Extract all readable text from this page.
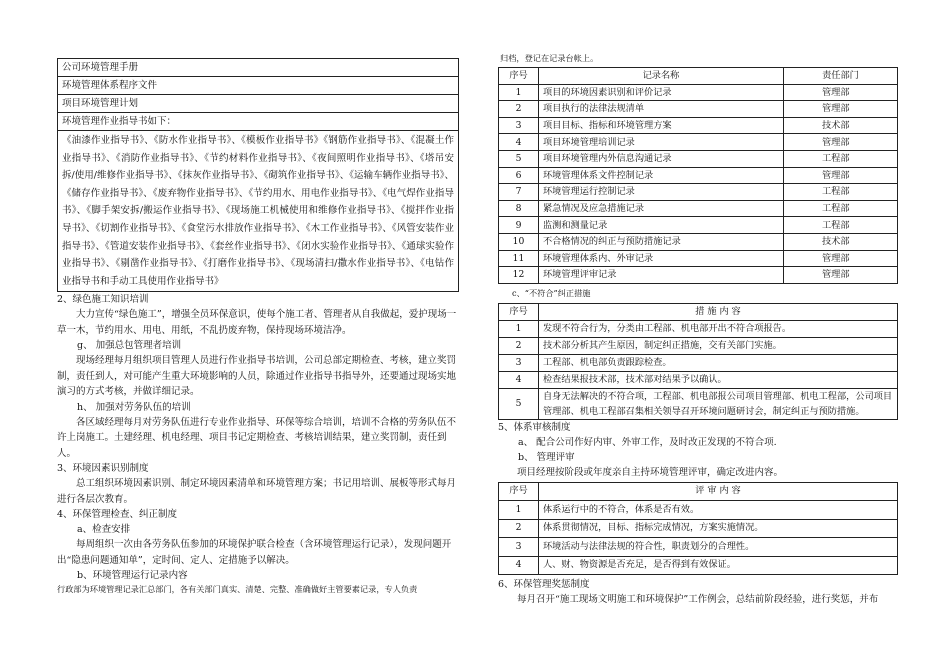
公司环境管理手册
环境管理体系程序文件
项目环境管理计划
环境管理作业指导书如下：
《油漆作业指导书》、《防水作业指导书》、《模板作业指导书》《钢筋作业指导书》、《混凝土作业指导书》、《消防作业指导书》、《节约材料作业指导书》、《夜间照明作业指导书》、《塔吊安拆/使用/维修作业指导书》、《抹灰作业指导书》、《砌筑作业指导书》、《运输车辆作业指导书》、《储存作业指导书》、《废弃物作业指导书》、《节约用水、用电作业指导书》、《电气焊作业指导书》、《脚手架安拆/搬运作业指导书》、《现场施工机械使用和维修作业指导书》、《搅拌作业指导书》、《切割作业指导书》、《食堂污水排放作业指导书》、《木工作业指导书》、《风管安装作业指导书》、《管道安装作业指导书》、《套丝作业指导书》、《闭水实验作业指导书》、《通球实验作业指导书》、《剔凿作业指导书》、《打磨作业指导书》、《现场清扫/撒水作业指导书》、《电钻作业指导书和手动工具使用作业指导书》

2、绿色施工知识培训

大力宣传“绿色施工”，增强全员环保意识，使每个施工者、管理者从自我做起，爱护现场一草一木，节约用水、用电、用纸，不乱扔废弃物，保持现场环境洁净。

g、 加强总包管理者培训

现场经理每月组织项目管理人员进行作业指导书培训，公司总部定期检查、考核，建立奖罚制，责任到人，对可能产生重大环境影响的人员，除通过作业指导书指导外，还要通过现场实地演习的方式考核，并做详细记录。

h、 加强对劳务队伍的培训

各区域经理每月对劳务队伍进行专业作业指导、环保等综合培训，培训不合格的劳务队伍不许上岗施工。土建经理、机电经理、项目书记定期检查、考核培训结果，建立奖罚制，责任到人。

3、环境因素识别制度

总工组织环境因素识别、制定环境因素清单和环境管理方案；书记用培训、展板等形式每月进行各层次教育。

4、环保管理检查、纠正制度

a、检查安排

每周组织一次由各劳务队伍参加的环境保护联合检查（含环境管理运行记录），发现问题开出“隐患问题通知单”，定时间、定人、定措施予以解决。

b、环境管理运行记录内容

行政部为环境管理记录汇总部门，各有关部门真实、清楚、完整、准确做好主管要素记录，专人负责

归档，登记在记录台帐上。

序号	记录名称	责任部门
1	项目的环境因素识别和评价记录	管理部
2	项目执行的法律法规清单	管理部
3	项目目标、指标和环境管理方案	技术部
4	项目环境管理培训记录	管理部
5	项目环境管理内外信息沟通记录	工程部
6	环境管理体系文件控制记录	管理部
7	环境管理运行控制记录	工程部
8	紧急情况及应急措施记录	工程部
9	监测和测量记录	工程部
10	不合格情况的纠正与预防措施记录	技术部
11	环境管理体系内、外审记录	管理部
12	环境管理评审记录	管理部

c、“不符合”纠正措施

序号	措 施 内 容
1	发现不符合行为，分类由工程部、机电部开出不符合项报告。
2	技术部分析其产生原因，制定纠正措施，交有关部门实施。
3	工程部、机电部负责跟踪检查。
4	检查结果报技术部，技术部对结果予以确认。
5	自身无法解决的不符合项，工程部、机电部报公司项目管理部、机电工程部，公司项目管理部、机电工程部召集相关领导召开环境问题研讨会，制定纠正与预防措施。

5、体系审核制度

a、 配合公司作好内审、外审工作，及时改正发现的不符合项.

b、 管理评审

项目经理按阶段或年度亲自主持环境管理评审，确定改进内容。

序号	评 审 内 容
1	体系运行中的不符合，体系是否有效。
2	体系贯彻情况，目标、指标完成情况，方案实施情况。
3	环境活动与法律法规的符合性，职责划分的合理性。
4	人、财、物资源是否充足，是否得到有效保证。

6、环保管理奖惩制度

每月召开“施工现场文明施工和环境保护”工作例会，总结前阶段经验，进行奖惩，并布
